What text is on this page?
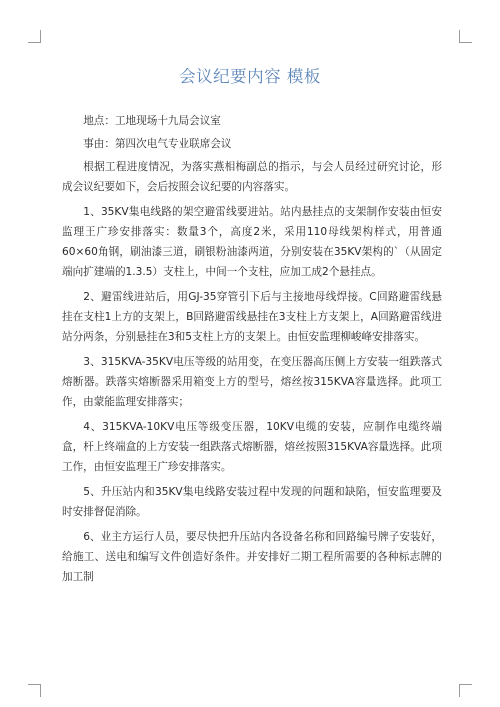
会议纪要内容 模板

地点：工地现场十九局会议室

事由：第四次电气专业联席会议

根据工程进度情况，为落实燕相梅副总的指示，与会人员经过研究讨论，形成会议纪要如下，会后按照会议纪要的内容落实。

1、35KV集电线路的架空避雷线要进站。站内悬挂点的支架制作安装由恒安监理王广珍安排落实：数量3个，高度2米，采用110母线架构样式，用普通60×60角钢，刷油漆三道，刷银粉油漆两道，分别安装在35KV架构的`（从固定端向扩建端的1.3.5）支柱上，中间一个支柱，应加工成2个悬挂点。

2、避雷线进站后，用GJ-35穿管引下后与主接地母线焊接。C回路避雷线悬挂在支柱1上方的支架上，B回路避雷线悬挂在3支柱上方支架上，A回路避雷线进站分两条，分别悬挂在3和5支柱上方的支架上。由恒安监理柳峻峰安排落实。

3、315KVA-35KV电压等级的站用变，在变压器高压侧上方安装一组跌落式熔断器。跌落实熔断器采用箱变上方的型号，熔丝按315KVA容量选择。此项工作，由蒙能监理安排落实；

4、315KVA-10KV电压等级变压器，10KV电缆的安装，应制作电缆终端盒，杆上终端盒的上方安装一组跌落式熔断器，熔丝按照315KVA容量选择。此项工作，由恒安监理王广珍安排落实。

5、升压站内和35KV集电线路安装过程中发现的问题和缺陷，恒安监理要及时安排督促消除。

6、业主方运行人员，要尽快把升压站内各设备名称和回路编号牌子安装好，给施工、送电和编写文件创造好条件。并安排好二期工程所需要的各种标志牌的加工制
